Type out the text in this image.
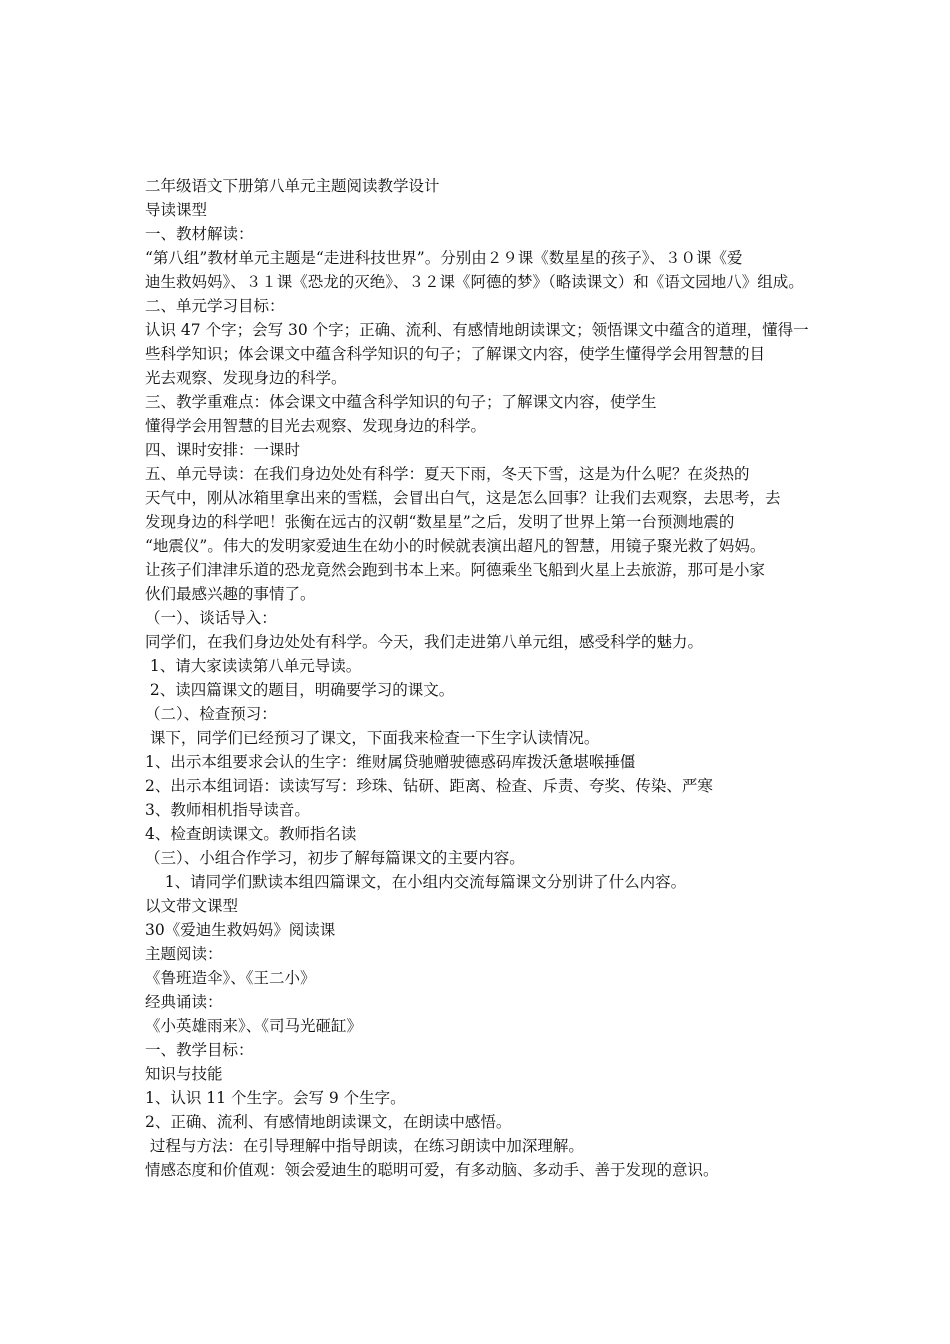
二年级语文下册第八单元主题阅读教学设计
导读课型
一、教材解读：
“第八组”教材单元主题是“走进科技世界”。分别由２９课《数星星的孩子》、３０课《爱
迪生救妈妈》、３１课《恐龙的灭绝》、３２课《阿德的梦》（略读课文）和《语文园地八》组成。
二、单元学习目标：
认识 47 个字；会写 30 个字；正确、流利、有感情地朗读课文；领悟课文中蕴含的道理，懂得一
些科学知识；体会课文中蕴含科学知识的句子；了解课文内容，使学生懂得学会用智慧的目
光去观察、发现身边的科学。
三、教学重难点：体会课文中蕴含科学知识的句子；了解课文内容，使学生
懂得学会用智慧的目光去观察、发现身边的科学。
四、课时安排：一课时
五、单元导读：在我们身边处处有科学：夏天下雨，冬天下雪，这是为什么呢？在炎热的
天气中，刚从冰箱里拿出来的雪糕，会冒出白气，这是怎么回事？让我们去观察，去思考，去
发现身边的科学吧！张衡在远古的汉朝“数星星”之后，发明了世界上第一台预测地震的
“地震仪”。伟大的发明家爱迪生在幼小的时候就表演出超凡的智慧，用镜子聚光救了妈妈。
让孩子们津津乐道的恐龙竟然会跑到书本上来。阿德乘坐飞船到火星上去旅游，那可是小家
伙们最感兴趣的事情了。
（一）、谈话导入：
同学们，在我们身边处处有科学。今天，我们走进第八单元组，感受科学的魅力。
1、请大家读读第八单元导读。
2、读四篇课文的题目，明确要学习的课文。
（二）、检查预习：
课下，同学们已经预习了课文，下面我来检查一下生字认读情况。
1、出示本组要求会认的生字：维财属贷驰赠驶德惑码库拨沃惫堪喉捶僵
2、出示本组词语：读读写写：珍珠、钻研、距离、检查、斥责、夸奖、传染、严寒
3、教师相机指导读音。
4、检查朗读课文。教师指名读
（三）、小组合作学习，初步了解每篇课文的主要内容。
1、请同学们默读本组四篇课文，在小组内交流每篇课文分别讲了什么内容。
以文带文课型
30《爱迪生救妈妈》阅读课
主题阅读：
《鲁班造伞》、《王二小》
经典诵读：
《小英雄雨来》、《司马光砸缸》
一、教学目标：
知识与技能
1、认识 11 个生字。会写 9 个生字。
2、正确、流利、有感情地朗读课文，在朗读中感悟。
过程与方法：在引导理解中指导朗读，在练习朗读中加深理解。
情感态度和价值观：领会爱迪生的聪明可爱，有多动脑、多动手、善于发现的意识。
